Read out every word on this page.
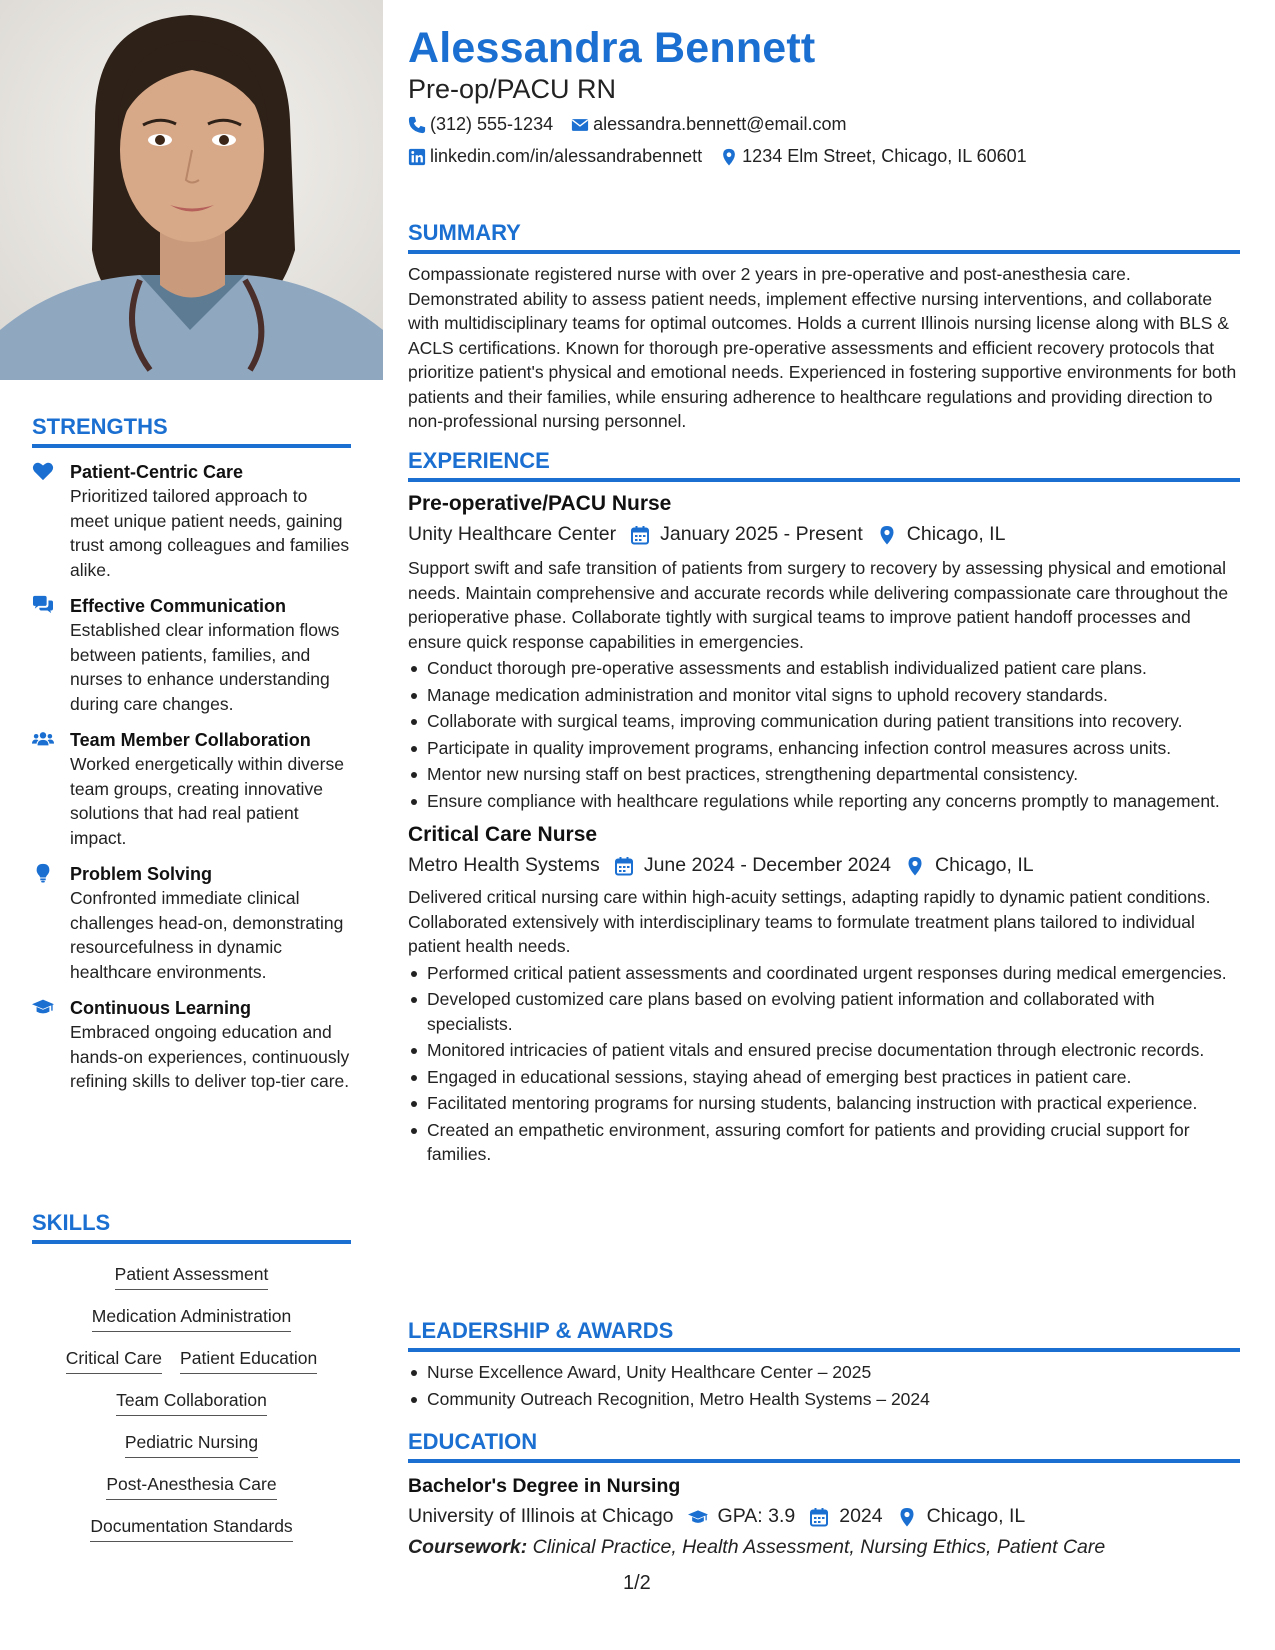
STRENGTHS
Patient-Centric Care
Prioritized tailored approach to meet unique patient needs, gaining trust among colleagues and families alike.
Effective Communication
Established clear information flows between patients, families, and nurses to enhance understanding during care changes.
Team Member Collaboration
Worked energetically within diverse team groups, creating innovative solutions that had real patient impact.
Problem Solving
Confronted immediate clinical challenges head-on, demonstrating resourcefulness in dynamic healthcare environments.
Continuous Learning
Embraced ongoing education and hands-on experiences, continuously refining skills to deliver top-tier care.
SKILLS
Patient Assessment
Medication Administration
Critical Care Patient Education
Team Collaboration
Pediatric Nursing
Post-Anesthesia Care
Documentation Standards
Alessandra Bennett
Pre-op/PACU RN
(312) 555-1234 alessandra.bennett@email.com
linkedin.com/in/alessandrabennett 1234 Elm Street, Chicago, IL 60601
SUMMARY
Compassionate registered nurse with over 2 years in pre-operative and post-anesthesia care. Demonstrated ability to assess patient needs, implement effective nursing interventions, and collaborate with multidisciplinary teams for optimal outcomes. Holds a current Illinois nursing license along with BLS & ACLS certifications. Known for thorough pre-operative assessments and efficient recovery protocols that prioritize patient's physical and emotional needs. Experienced in fostering supportive environments for both patients and their families, while ensuring adherence to healthcare regulations and providing direction to non-professional nursing personnel.
EXPERIENCE
Pre-operative/PACU Nurse
Unity Healthcare Center January 2025 - Present Chicago, IL
Support swift and safe transition of patients from surgery to recovery by assessing physical and emotional needs. Maintain comprehensive and accurate records while delivering compassionate care throughout the perioperative phase. Collaborate tightly with surgical teams to improve patient handoff processes and ensure quick response capabilities in emergencies.
Conduct thorough pre-operative assessments and establish individualized patient care plans.
Manage medication administration and monitor vital signs to uphold recovery standards.
Collaborate with surgical teams, improving communication during patient transitions into recovery.
Participate in quality improvement programs, enhancing infection control measures across units.
Mentor new nursing staff on best practices, strengthening departmental consistency.
Ensure compliance with healthcare regulations while reporting any concerns promptly to management.
Critical Care Nurse
Metro Health Systems June 2024 - December 2024 Chicago, IL
Delivered critical nursing care within high-acuity settings, adapting rapidly to dynamic patient conditions. Collaborated extensively with interdisciplinary teams to formulate treatment plans tailored to individual patient health needs.
Performed critical patient assessments and coordinated urgent responses during medical emergencies.
Developed customized care plans based on evolving patient information and collaborated with specialists.
Monitored intricacies of patient vitals and ensured precise documentation through electronic records.
Engaged in educational sessions, staying ahead of emerging best practices in patient care.
Facilitated mentoring programs for nursing students, balancing instruction with practical experience.
Created an empathetic environment, assuring comfort for patients and providing crucial support for families.
LEADERSHIP & AWARDS
Nurse Excellence Award, Unity Healthcare Center – 2025
Community Outreach Recognition, Metro Health Systems – 2024
EDUCATION
Bachelor's Degree in Nursing
University of Illinois at Chicago GPA: 3.9 2024 Chicago, IL
Coursework: Clinical Practice, Health Assessment, Nursing Ethics, Patient Care
1/2
